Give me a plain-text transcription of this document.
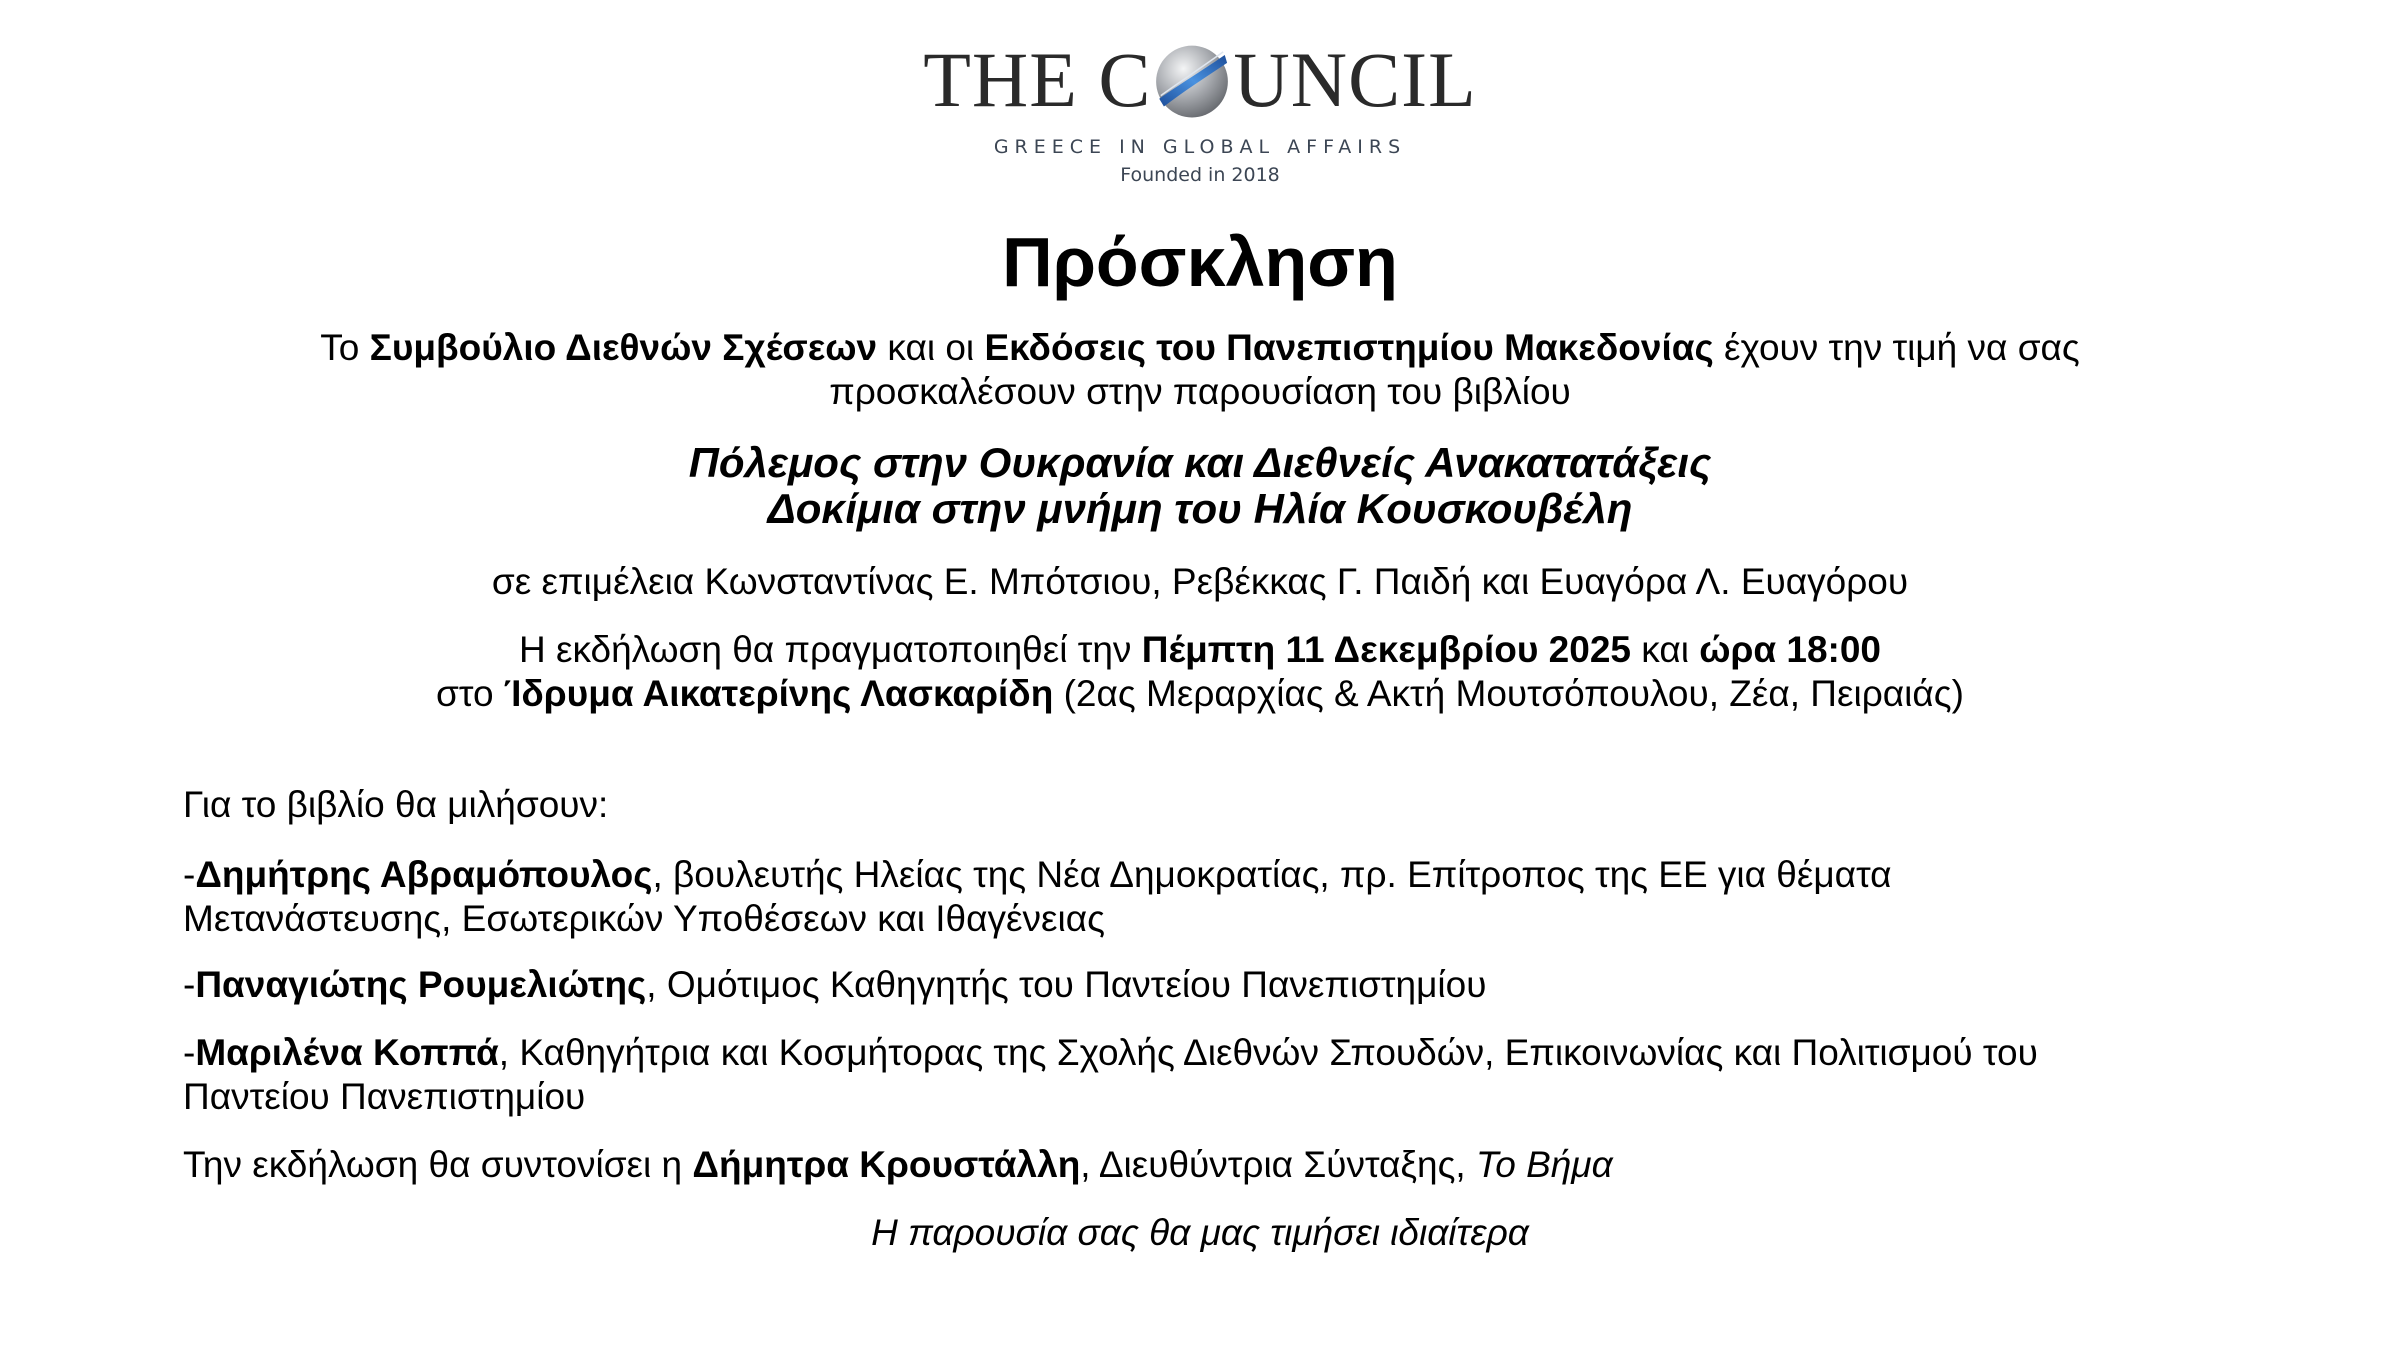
THE C UNCIL
GREECE IN GLOBAL AFFAIRS
Founded in 2018
Πρόσκληση
Το Συμβούλιο Διεθνών Σχέσεων και οι Εκδόσεις του Πανεπιστημίου Μακεδονίας έχουν την τιμή να σας
προσκαλέσουν στην παρουσίαση του βιβλίου
Πόλεμος στην Ουκρανία και Διεθνείς Ανακατατάξεις
Δοκίμια στην μνήμη του Ηλία Κουσκουβέλη
σε επιμέλεια Κωνσταντίνας Ε. Μπότσιου, Ρεβέκκας Γ. Παιδή και Ευαγόρα Λ. Ευαγόρου
Η εκδήλωση θα πραγματοποιηθεί την Πέμπτη 11 Δεκεμβρίου 2025 και ώρα 18:00
στο Ίδρυμα Αικατερίνης Λασκαρίδη (2ας Μεραρχίας & Ακτή Μουτσόπουλου, Ζέα, Πειραιάς)
Για το βιβλίο θα μιλήσουν:
-Δημήτρης Αβραμόπουλος, βουλευτής Ηλείας της Νέα Δημοκρατίας, πρ. Επίτροπος της ΕΕ για θέματα
Μετανάστευσης, Εσωτερικών Υποθέσεων και Ιθαγένειας
-Παναγιώτης Ρουμελιώτης, Ομότιμος Καθηγητής του Παντείου Πανεπιστημίου
-Μαριλένα Κοππά, Καθηγήτρια και Κοσμήτορας της Σχολής Διεθνών Σπουδών, Επικοινωνίας και Πολιτισμού του
Παντείου Πανεπιστημίου
Την εκδήλωση θα συντονίσει η Δήμητρα Κρουστάλλη, Διευθύντρια Σύνταξης, Το Βήμα
Η παρουσία σας θα μας τιμήσει ιδιαίτερα
